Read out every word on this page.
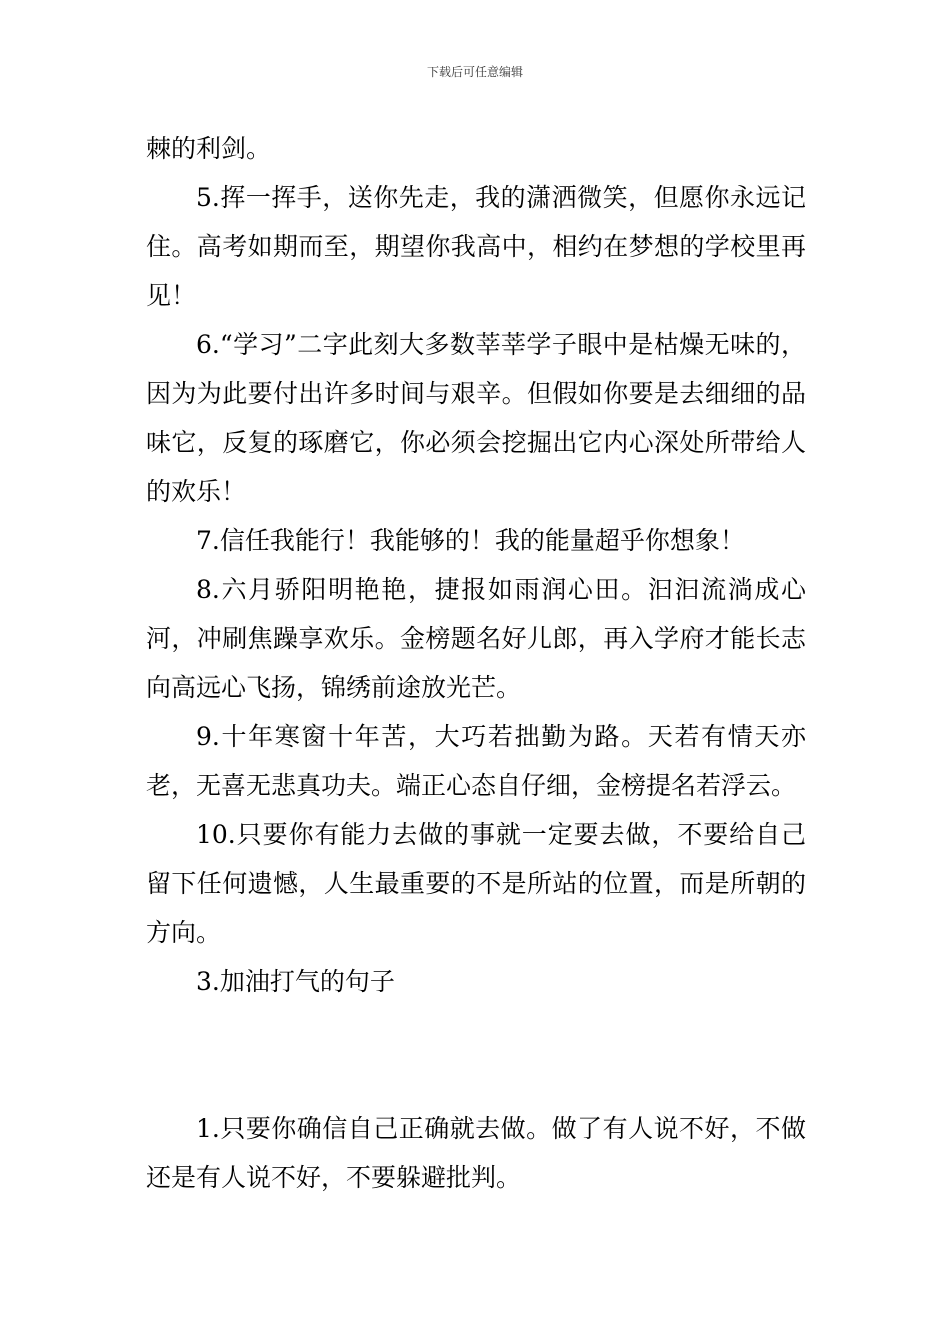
下载后可任意编辑

棘的利剑。

5.挥一挥手，送你先走，我的潇洒微笑，但愿你永远记住。高考如期而至，期望你我高中，相约在梦想的学校里再见！

6.“学习”二字此刻大多数莘莘学子眼中是枯燥无味的，因为为此要付出许多时间与艰辛。但假如你要是去细细的品味它，反复的琢磨它，你必须会挖掘出它内心深处所带给人的欢乐！

7.信任我能行！我能够的！我的能量超乎你想象！

8.六月骄阳明艳艳，捷报如雨润心田。汩汩流淌成心河，冲刷焦躁享欢乐。金榜题名好儿郎，再入学府才能长志向高远心飞扬，锦绣前途放光芒。

9.十年寒窗十年苦，大巧若拙勤为路。天若有情天亦老，无喜无悲真功夫。端正心态自仔细，金榜提名若浮云。

10.只要你有能力去做的事就一定要去做，不要给自己留下任何遗憾，人生最重要的不是所站的位置，而是所朝的方向。

3.加油打气的句子

1.只要你确信自己正确就去做。做了有人说不好，不做还是有人说不好，不要躲避批判。
